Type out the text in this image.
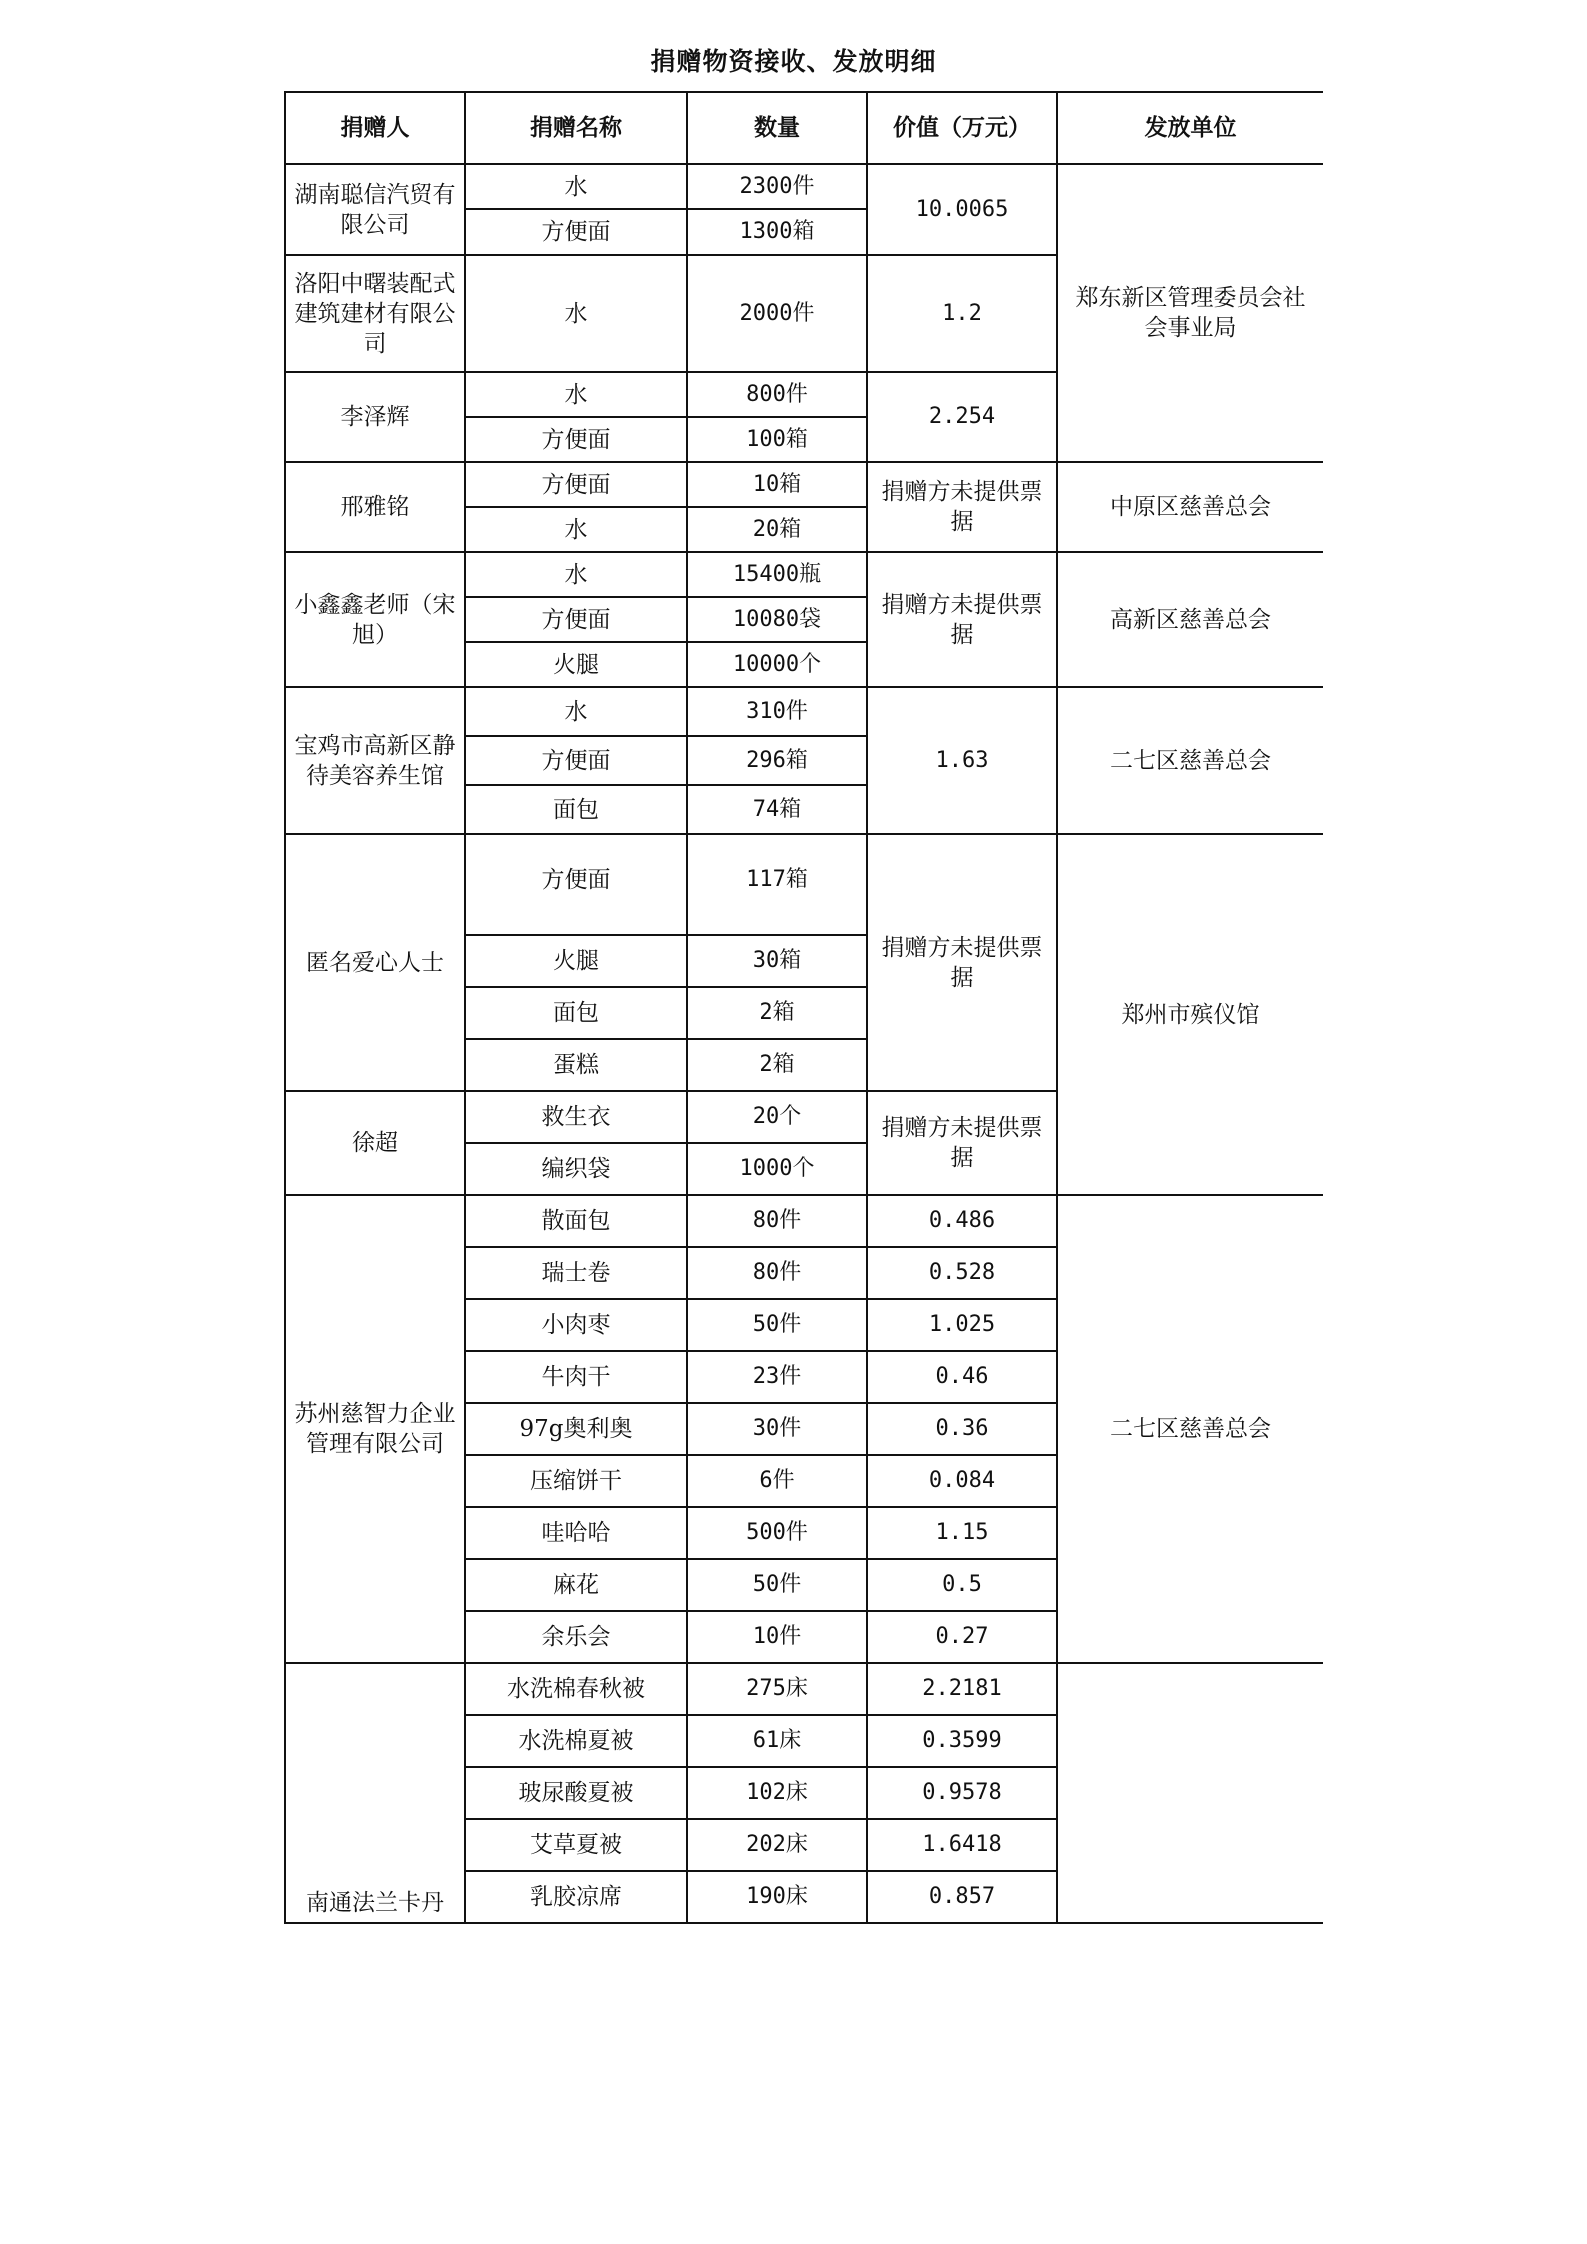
捐赠物资接收、发放明细
捐赠人	捐赠名称	数量	价值（万元）	发放单位
湖南聪信汽贸有限公司	水	2300件	10.0065	郑东新区管理委员会社会事业局
	方便面	1300箱		
洛阳中曙装配式建筑建材有限公司	水	2000件	1.2	
李泽辉	水	800件	2.254	
	方便面	100箱		
邢雅铭	方便面	10箱	捐赠方未提供票据	中原区慈善总会
	水	20箱		
小鑫鑫老师（宋旭）	水	15400瓶	捐赠方未提供票据	高新区慈善总会
	方便面	10080袋		
	火腿	10000个		
宝鸡市高新区静待美容养生馆	水	310件	1.63	二七区慈善总会
	方便面	296箱		
	面包	74箱		
匿名爱心人士	方便面	117箱	捐赠方未提供票据	郑州市殡仪馆
	火腿	30箱		
	面包	2箱		
	蛋糕	2箱		
徐超	救生衣	20个	捐赠方未提供票据	
	编织袋	1000个		
苏州慈智力企业管理有限公司	散面包	80件	0.486	二七区慈善总会
	瑞士卷	80件	0.528	
	小肉枣	50件	1.025	
	牛肉干	23件	0.46	
	97g奥利奥	30件	0.36	
	压缩饼干	6件	0.084	
	哇哈哈	500件	1.15	
	麻花	50件	0.5	
	余乐会	10件	0.27	
南通法兰卡丹	水洗棉春秋被	275床	2.2181	
	水洗棉夏被	61床	0.3599	
	玻尿酸夏被	102床	0.9578	
	艾草夏被	202床	1.6418	
	乳胶凉席	190床	0.857	
